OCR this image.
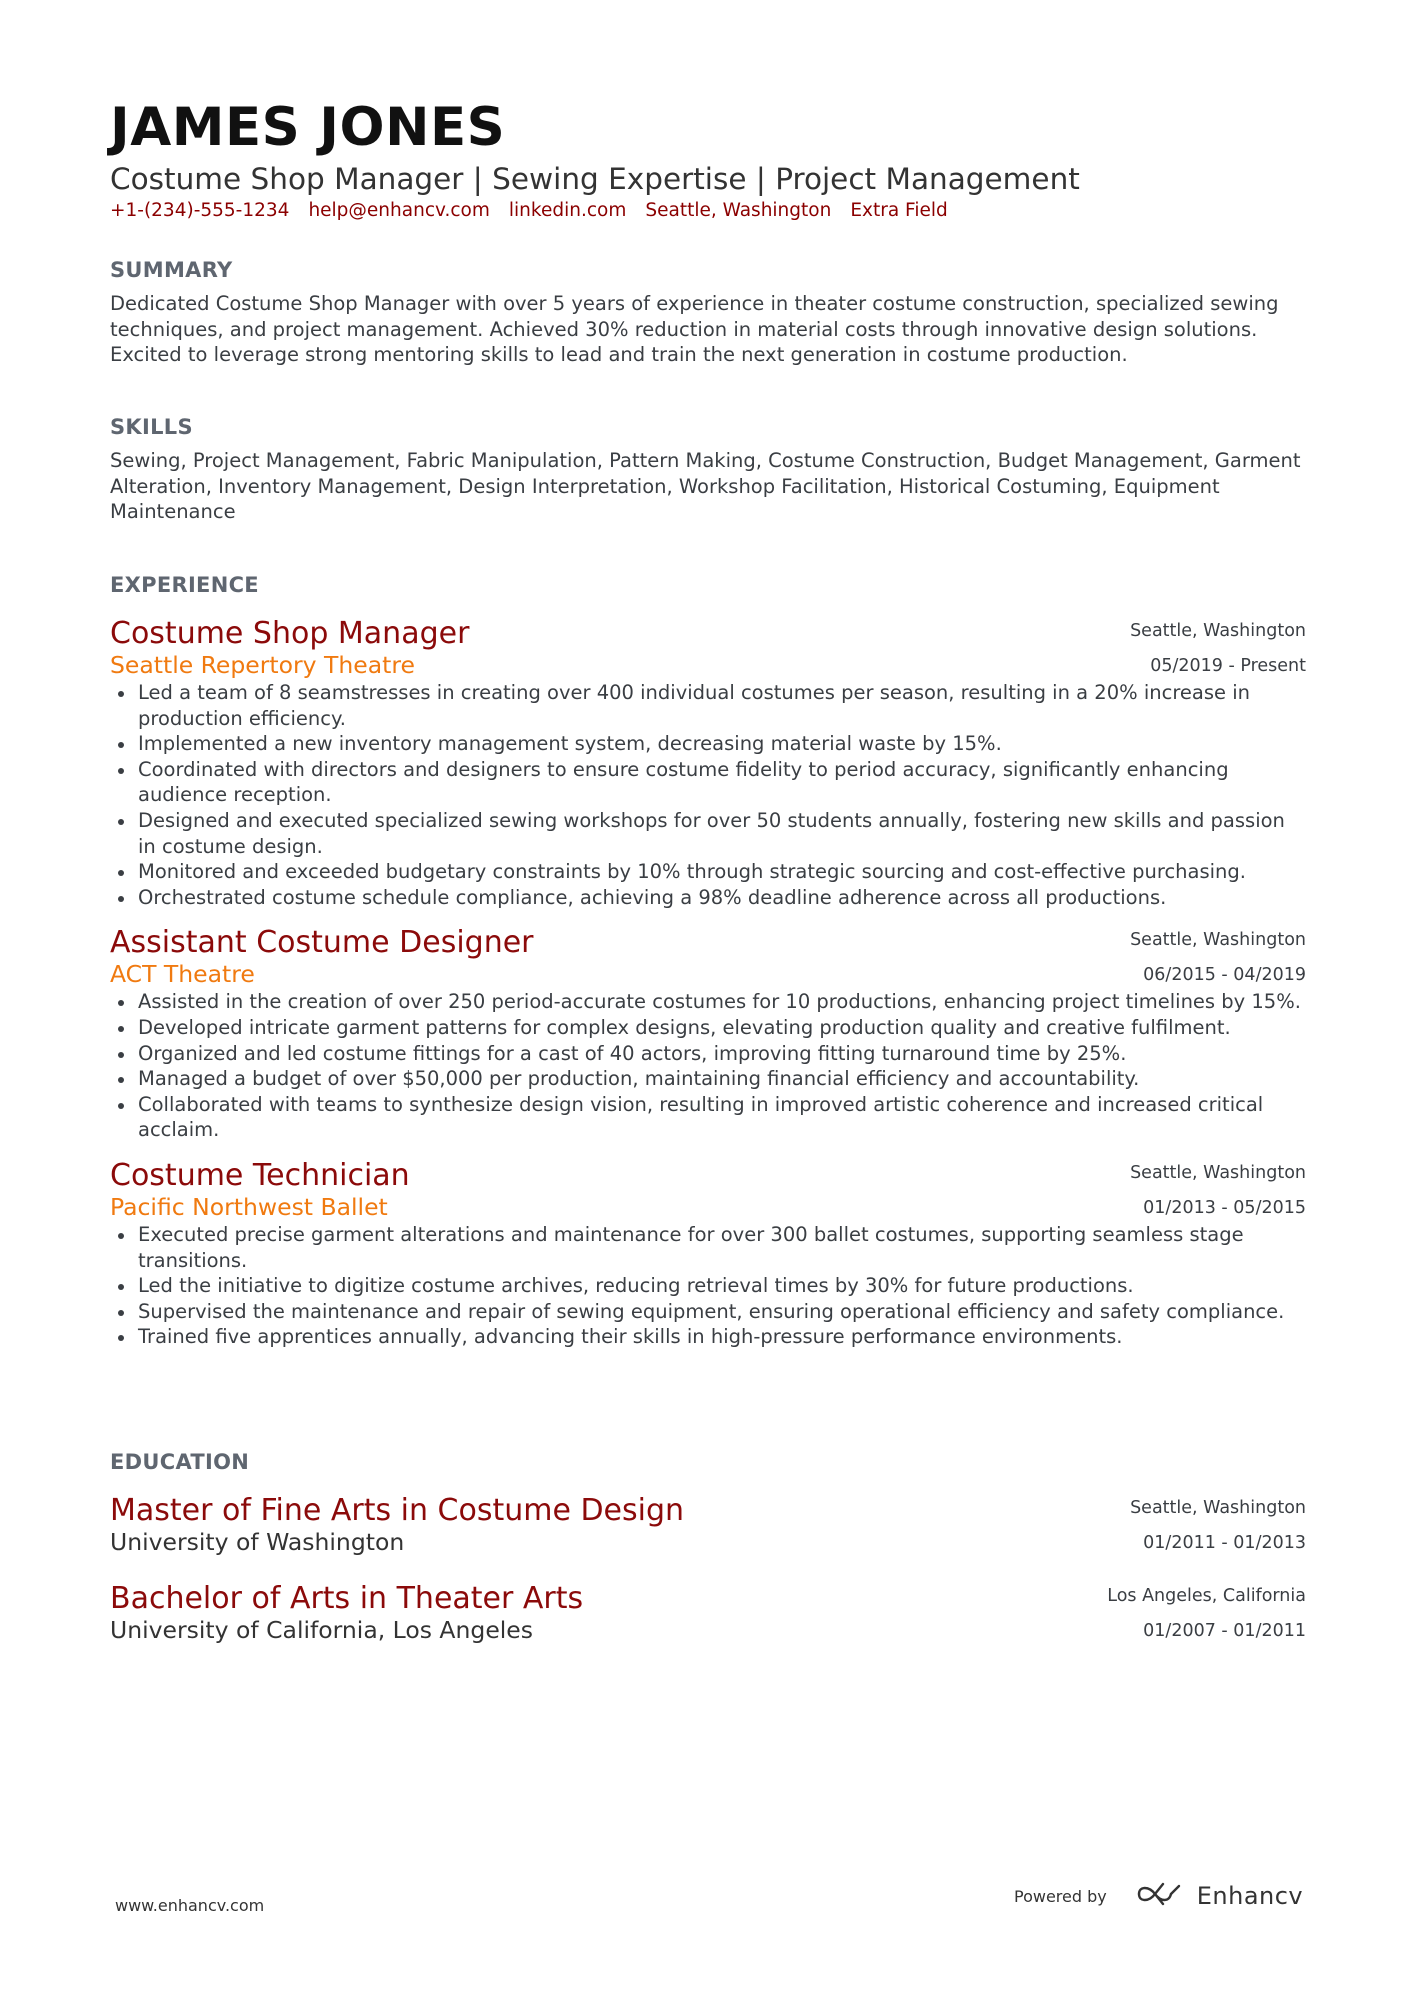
JAMES JONES
Costume Shop Manager | Sewing Expertise | Project Management
+1-(234)-555-1234 help@enhancv.com linkedin.com Seattle, Washington Extra Field
SUMMARY
Dedicated Costume Shop Manager with over 5 years of experience in theater costume construction, specialized sewing techniques, and project management. Achieved 30% reduction in material costs through innovative design solutions. Excited to leverage strong mentoring skills to lead and train the next generation in costume production.
SKILLS
Sewing, Project Management, Fabric Manipulation, Pattern Making, Costume Construction, Budget Management, Garment Alteration, Inventory Management, Design Interpretation, Workshop Facilitation, Historical Costuming, Equipment Maintenance
EXPERIENCE
Costume Shop Manager
Seattle Repertory Theatre
Seattle, Washington
05/2019 - Present
Led a team of 8 seamstresses in creating over 400 individual costumes per season, resulting in a 20% increase in production efficiency.
Implemented a new inventory management system, decreasing material waste by 15%.
Coordinated with directors and designers to ensure costume fidelity to period accuracy, significantly enhancing audience reception.
Designed and executed specialized sewing workshops for over 50 students annually, fostering new skills and passion in costume design.
Monitored and exceeded budgetary constraints by 10% through strategic sourcing and cost-effective purchasing.
Orchestrated costume schedule compliance, achieving a 98% deadline adherence across all productions.
Assistant Costume Designer
ACT Theatre
Seattle, Washington
06/2015 - 04/2019
Assisted in the creation of over 250 period-accurate costumes for 10 productions, enhancing project timelines by 15%.
Developed intricate garment patterns for complex designs, elevating production quality and creative fulfilment.
Organized and led costume fittings for a cast of 40 actors, improving fitting turnaround time by 25%.
Managed a budget of over $50,000 per production, maintaining financial efficiency and accountability.
Collaborated with teams to synthesize design vision, resulting in improved artistic coherence and increased critical acclaim.
Costume Technician
Pacific Northwest Ballet
Seattle, Washington
01/2013 - 05/2015
Executed precise garment alterations and maintenance for over 300 ballet costumes, supporting seamless stage transitions.
Led the initiative to digitize costume archives, reducing retrieval times by 30% for future productions.
Supervised the maintenance and repair of sewing equipment, ensuring operational efficiency and safety compliance.
Trained five apprentices annually, advancing their skills in high-pressure performance environments.
EDUCATION
Master of Fine Arts in Costume Design
University of Washington
Seattle, Washington
01/2011 - 01/2013
Bachelor of Arts in Theater Arts
University of California, Los Angeles
Los Angeles, California
01/2007 - 01/2011
www.enhancv.com	Powered by	Enhancv
